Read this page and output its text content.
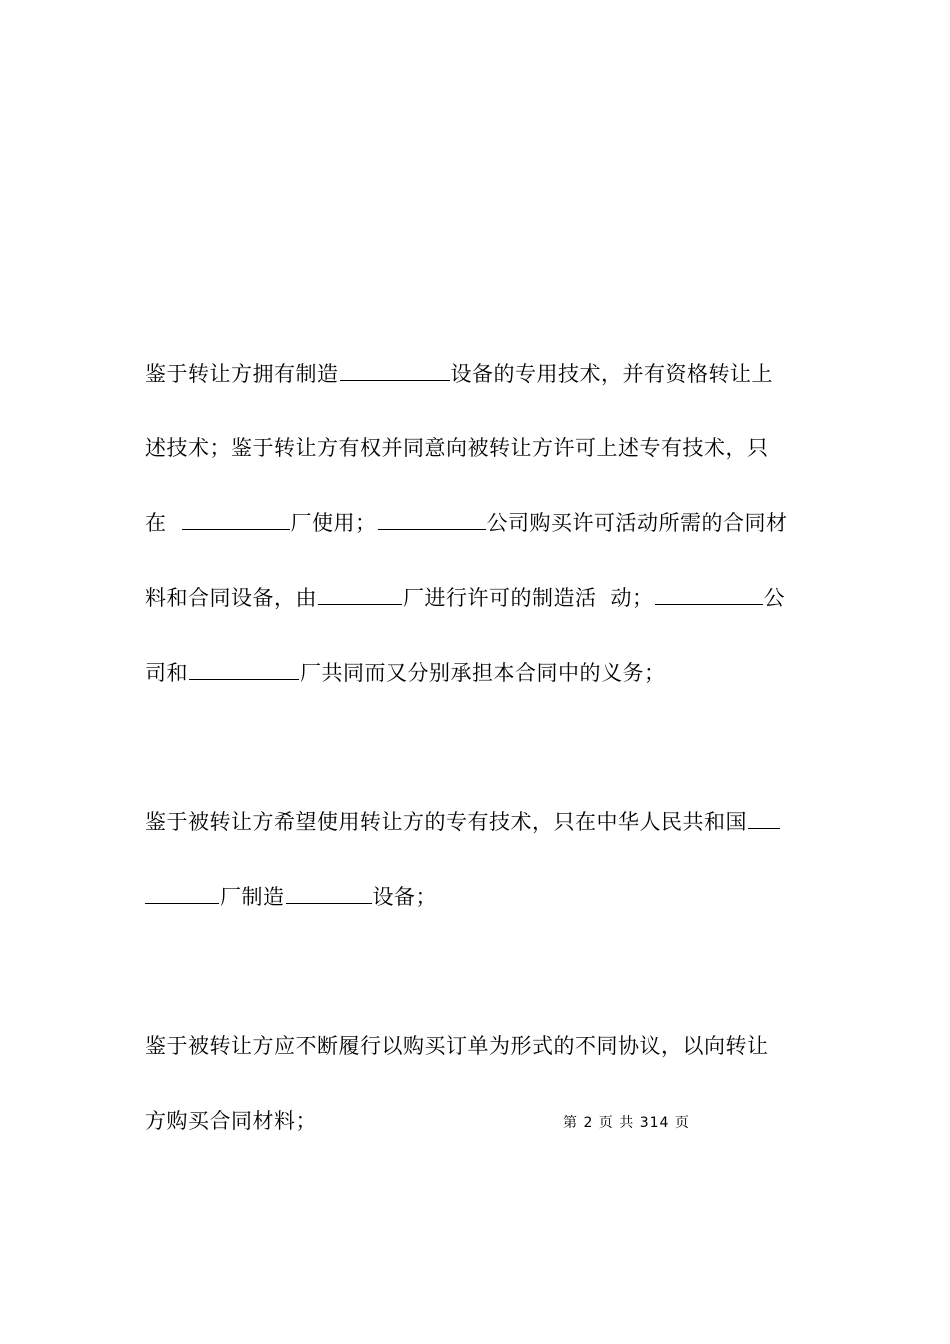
鉴于转让方拥有制造	设备的专用技术，并有资格转让上
述技术；鉴于转让方有权并同意向被转让方许可上述专有技术，只
在	厂使用；	公司购买许可活动所需的合同材
料和合同设备，由	厂进行许可的制造活 动；	公
司和	厂共同而又分别承担本合同中的义务；
鉴于被转让方希望使用转让方的专有技术，只在中华人民共和国
厂制造	设备；
鉴于被转让方应不断履行以购买订单为形式的不同协议，以向转让
方购买合同材料；	第 2 页 共 314 页
